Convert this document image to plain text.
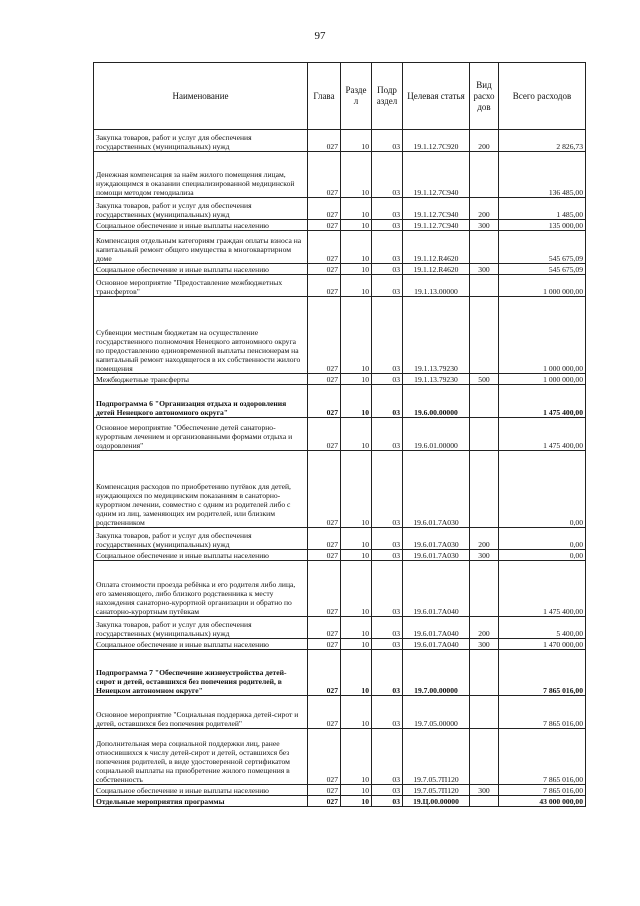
97
Наименование	Глава	Разде л	Подр аздел	Целевая статья	Вид расхо дов	Всего расходов
Закупка товаров, работ и услуг для обеспечения государственных (муниципальных) нужд	027	10	03	19.1.12.7C920	200	2 826,73
Денежная компенсация за наём жилого помещения лицам, нуждающимся в оказании специализированной медицинской помощи методом гемодиализа	027	10	03	19.1.12.7C940		136 485,00
Закупка товаров, работ и услуг для обеспечения государственных (муниципальных) нужд	027	10	03	19.1.12.7C940	200	1 485,00
Социальное обеспечение и иные выплаты населению	027	10	03	19.1.12.7C940	300	135 000,00
Компенсация отдельным категориям граждан оплаты взноса на капитальный ремонт общего имущества в многоквартирном доме	027	10	03	19.1.12.R4620		545 675,09
Социальное обеспечение и иные выплаты населению	027	10	03	19.1.12.R4620	300	545 675,09
Основное мероприятие "Предоставление межбюджетных трансфертов"	027	10	03	19.1.13.00000		1 000 000,00
Субвенции местным бюджетам на осуществление государственного полномочия Ненецкого автономного округа по предоставлению единовременной выплаты пенсионерам на капитальный ремонт находящегося в их собственности жилого помещения	027	10	03	19.1.13.79230		1 000 000,00
Межбюджетные трансферты	027	10	03	19.1.13.79230	500	1 000 000,00
Подпрограмма 6 "Организация отдыха и оздоровления детей Ненецкого автономного округа"	027	10	03	19.6.00.00000		1 475 400,00
Основное мероприятие "Обеспечение детей санаторно-курортным лечением и организованными формами отдыха и оздоровления"	027	10	03	19.6.01.00000		1 475 400,00
Компенсация расходов по приобретению путёвок для детей, нуждающихся по медицинским показаниям в санаторно-курортном лечении, совместно с одним из родителей либо с одним из лиц, заменяющих им родителей, или близким родственником	027	10	03	19.6.01.7A030		0,00
Закупка товаров, работ и услуг для обеспечения государственных (муниципальных) нужд	027	10	03	19.6.01.7A030	200	0,00
Социальное обеспечение и иные выплаты населению	027	10	03	19.6.01.7A030	300	0,00
Оплата стоимости проезда ребёнка и его родителя либо лица, его заменяющего, либо близкого родственника к месту нахождения санаторно-курортной организации и обратно по санаторно-курортным путёвкам	027	10	03	19.6.01.7A040		1 475 400,00
Закупка товаров, работ и услуг для обеспечения государственных (муниципальных) нужд	027	10	03	19.6.01.7A040	200	5 400,00
Социальное обеспечение и иные выплаты населению	027	10	03	19.6.01.7A040	300	1 470 000,00
Подпрограмма 7 "Обеспечение жизнеустройства детей-сирот и детей, оставшихся без попечения родителей, в Ненецком автономном округе"	027	10	03	19.7.00.00000		7 865 016,00
Основное мероприятие "Социальная поддержка детей-сирот и детей, оставшихся без попечения родителей"	027	10	03	19.7.05.00000		7 865 016,00
Дополнительная мера социальной поддержки лиц, ранее относившихся к числу детей-сирот и детей, оставшихся без попечения родителей, в виде удостоверенной сертификатом социальной выплаты на приобретение жилого помещения в собственность	027	10	03	19.7.05.7П120		7 865 016,00
Социальное обеспечение и иные выплаты населению	027	10	03	19.7.05.7П120	300	7 865 016,00
Отдельные мероприятия программы	027	10	03	19.Ц.00.00000		43 000 000,00
